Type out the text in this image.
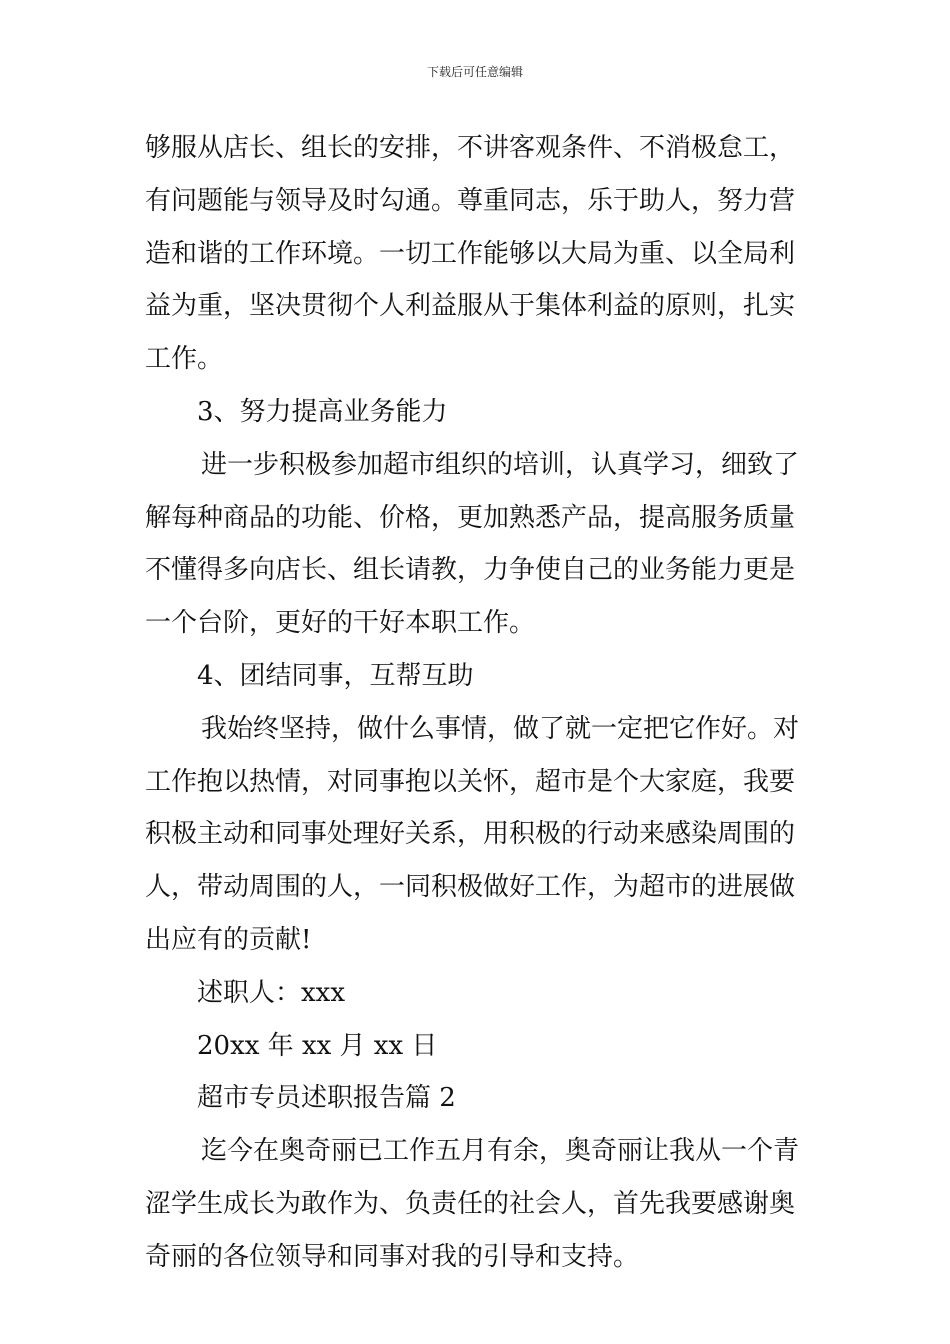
下载后可任意编辑
够服从店长、组长的安排，不讲客观条件、不消极怠工，
有问题能与领导及时勾通。尊重同志，乐于助人，努力营
造和谐的工作环境。一切工作能够以大局为重、以全局利
益为重，坚决贯彻个人利益服从于集体利益的原则，扎实
工作。
3、努力提高业务能力
进一步积极参加超市组织的培训，认真学习，细致了
解每种商品的功能、价格，更加熟悉产品，提高服务质量
不懂得多向店长、组长请教，力争使自己的业务能力更是
一个台阶，更好的干好本职工作。
4、团结同事，互帮互助
我始终坚持，做什么事情，做了就一定把它作好。对
工作抱以热情，对同事抱以关怀，超市是个大家庭，我要
积极主动和同事处理好关系，用积极的行动来感染周围的
人，带动周围的人，一同积极做好工作，为超市的进展做
出应有的贡献!
述职人：xxx
20xx 年 xx 月 xx 日
超市专员述职报告篇 2
迄今在奥奇丽已工作五月有余，奥奇丽让我从一个青
涩学生成长为敢作为、负责任的社会人，首先我要感谢奥
奇丽的各位领导和同事对我的引导和支持。
